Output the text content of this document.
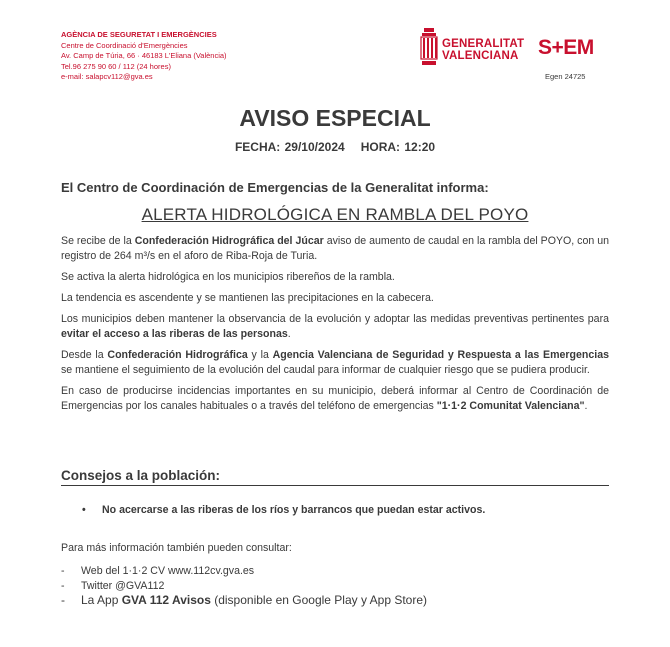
AGÈNCIA DE SEGURETAT I EMERGÈNCIES
Centre de Coordinació d'Emergències
Av. Camp de Túria, 66 · 46183 L'Eliana (València)
Tel.96 275 90 60 / 112 (24 hores)
e-mail: salapcv112@gva.es
GENERALITAT
VALENCIANA S+EM
Egen 24725
AVISO ESPECIAL
FECHA: 29/10/2024 HORA: 12:20
El Centro de Coordinación de Emergencias de la Generalitat informa:
ALERTA HIDROLÓGICA EN RAMBLA DEL POYO

Se recibe de la Confederación Hidrográfica del Júcar aviso de aumento de caudal en la rambla del POYO, con un registro de 264 m³/s en el aforo de Riba-Roja de Turia.

Se activa la alerta hidrológica en los municipios ribereños de la rambla.

La tendencia es ascendente y se mantienen las precipitaciones en la cabecera.

Los municipios deben mantener la observancia de la evolución y adoptar las medidas preventivas pertinentes para evitar el acceso a las riberas de las personas.

Desde la Confederación Hidrográfica y la Agencia Valenciana de Seguridad y Respuesta a las Emergencias se mantiene el seguimiento de la evolución del caudal para informar de cualquier riesgo que se pudiera producir.

En caso de producirse incidencias importantes en su municipio, deberá informar al Centro de Coordinación de Emergencias por los canales habituales o a través del teléfono de emergencias "1·1·2 Comunitat Valenciana".

Consejos a la población:
• No acercarse a las riberas de los ríos y barrancos que puedan estar activos.
Para más información también pueden consultar:
-	Web del 1·1·2 CV www.112cv.gva.es
-	Twitter @GVA112
-	La App GVA 112 Avisos (disponible en Google Play y App Store)
